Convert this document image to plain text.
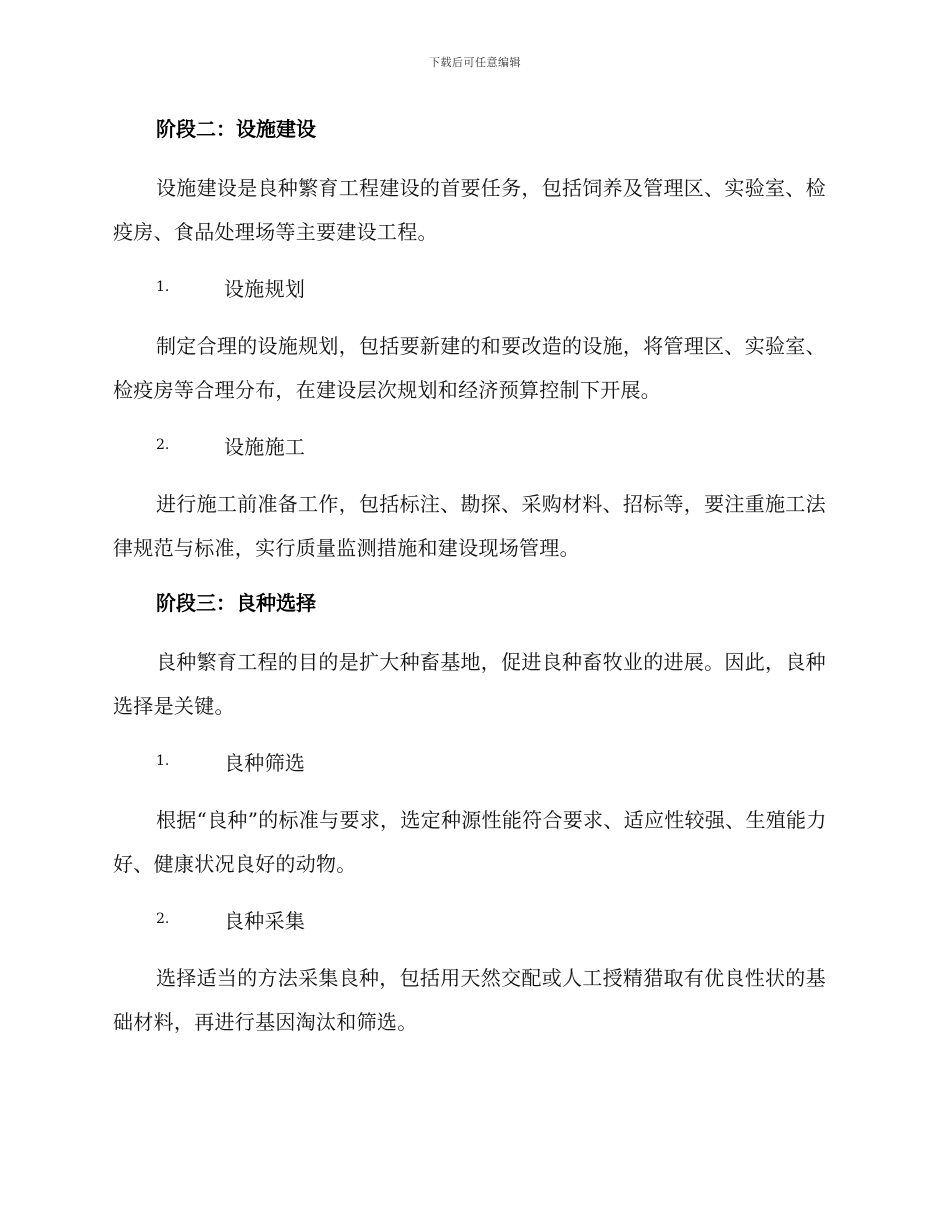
下载后可任意编辑
阶段二：设施建设
设施建设是良种繁育工程建设的首要任务，包括饲养及管理区、实验室、检疫房、食品处理场等主要建设工程。
1.	设施规划
制定合理的设施规划，包括要新建的和要改造的设施，将管理区、实验室、检疫房等合理分布，在建设层次规划和经济预算控制下开展。
2.	设施施工
进行施工前准备工作，包括标注、勘探、采购材料、招标等，要注重施工法律规范与标准，实行质量监测措施和建设现场管理。
阶段三：良种选择
良种繁育工程的目的是扩大种畜基地，促进良种畜牧业的进展。因此，良种选择是关键。
1.	良种筛选
根据“良种”的标准与要求，选定种源性能符合要求、适应性较强、生殖能力好、健康状况良好的动物。
2.	良种采集
选择适当的方法采集良种，包括用天然交配或人工授精猎取有优良性状的基础材料，再进行基因淘汰和筛选。
